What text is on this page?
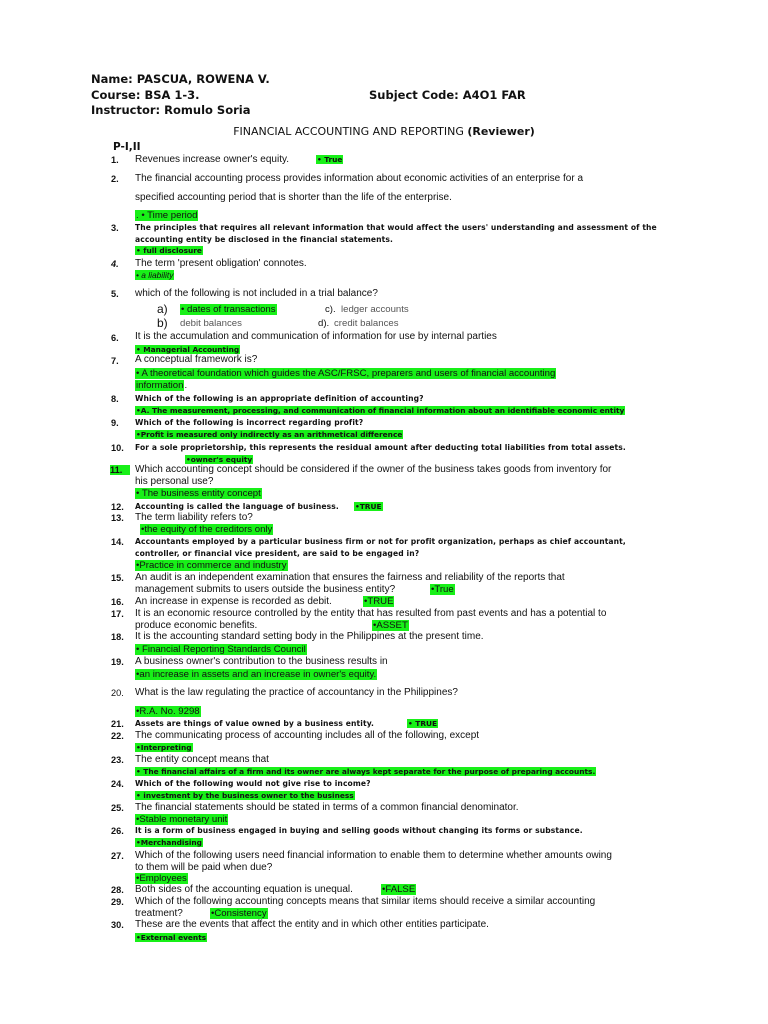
Name: PASCUA, ROWENA V.
Course: BSA 1-3.	Subject Code: A4O1 FAR
Instructor: Romulo Soria
FINANCIAL ACCOUNTING AND REPORTING (Reviewer)
P-I,II
1.	Revenues increase owner's equity.	• True
2.	The financial accounting process provides information about economic activities of an enterprise for a
specified accounting period that is shorter than the life of the enterprise.
. • Time period
3.	The principles that requires all relevant information that would affect the users' understanding and assessment of the
accounting entity be disclosed in the financial statements.
• full disclosure
4.	The term 'present obligation' connotes.
• a liability
5.	which of the following is not included in a trial balance?
a) • dates of transactions	c). ledger accounts
b) debit balances	d). credit balances
6.	It is the accumulation and communication of information for use by internal parties
• Managerial Accounting
7.	A conceptual framework is?
• A theoretical foundation which guides the ASC/FRSC, preparers and users of financial accounting
information.
8.	Which of the following is an appropriate definition of accounting?
•A. The measurement, processing, and communication of financial information about an identifiable economic entity
9.	Which of the following is incorrect regarding profit?
•Profit is measured only indirectly as an arithmetical difference
10.	For a sole proprietorship, this represents the residual amount after deducting total liabilities from total assets.
•owner's equity
11.	Which accounting concept should be considered if the owner of the business takes goods from inventory for
his personal use?
• The business entity concept
12.	Accounting is called the language of business. •TRUE
13.	The term liability refers to?
•the equity of the creditors only
14.	Accountants employed by a particular business firm or not for profit organization, perhaps as chief accountant,
controller, or financial vice president, are said to be engaged in?
•Practice in commerce and industry
15.	An audit is an independent examination that ensures the fairness and reliability of the reports that
management submits to users outside the business entity?	•True
16.	An increase in expense is recorded as debit.	•TRUE
17.	It is an economic resource controlled by the entity that has resulted from past events and has a potential to
produce economic benefits.	•ASSET
18.	It is the accounting standard setting body in the Philippines at the present time.
• Financial Reporting Standards Council
19.	A business owner's contribution to the business results in
•an increase in assets and an increase in owner's equity.
20.	What is the law regulating the practice of accountancy in the Philippines?
•R.A. No. 9298
21.	Assets are things of value owned by a business entity.	• TRUE
22.	The communicating process of accounting includes all of the following, except
•Interpreting
23.	The entity concept means that
• The financial affairs of a firm and its owner are always kept separate for the purpose of preparing accounts.
24.	Which of the following would not give rise to income?
• investment by the business owner to the business
25.	The financial statements should be stated in terms of a common financial denominator.
•Stable monetary unit
26.	It is a form of business engaged in buying and selling goods without changing its forms or substance.
•Merchandising
27.	Which of the following users need financial information to enable them to determine whether amounts owing
to them will be paid when due?
•Employees
28.	Both sides of the accounting equation is unequal.	•FALSE
29.	Which of the following accounting concepts means that similar items should receive a similar accounting
treatment?	•Consistency
30.	These are the events that affect the entity and in which other entities participate.
•External events
